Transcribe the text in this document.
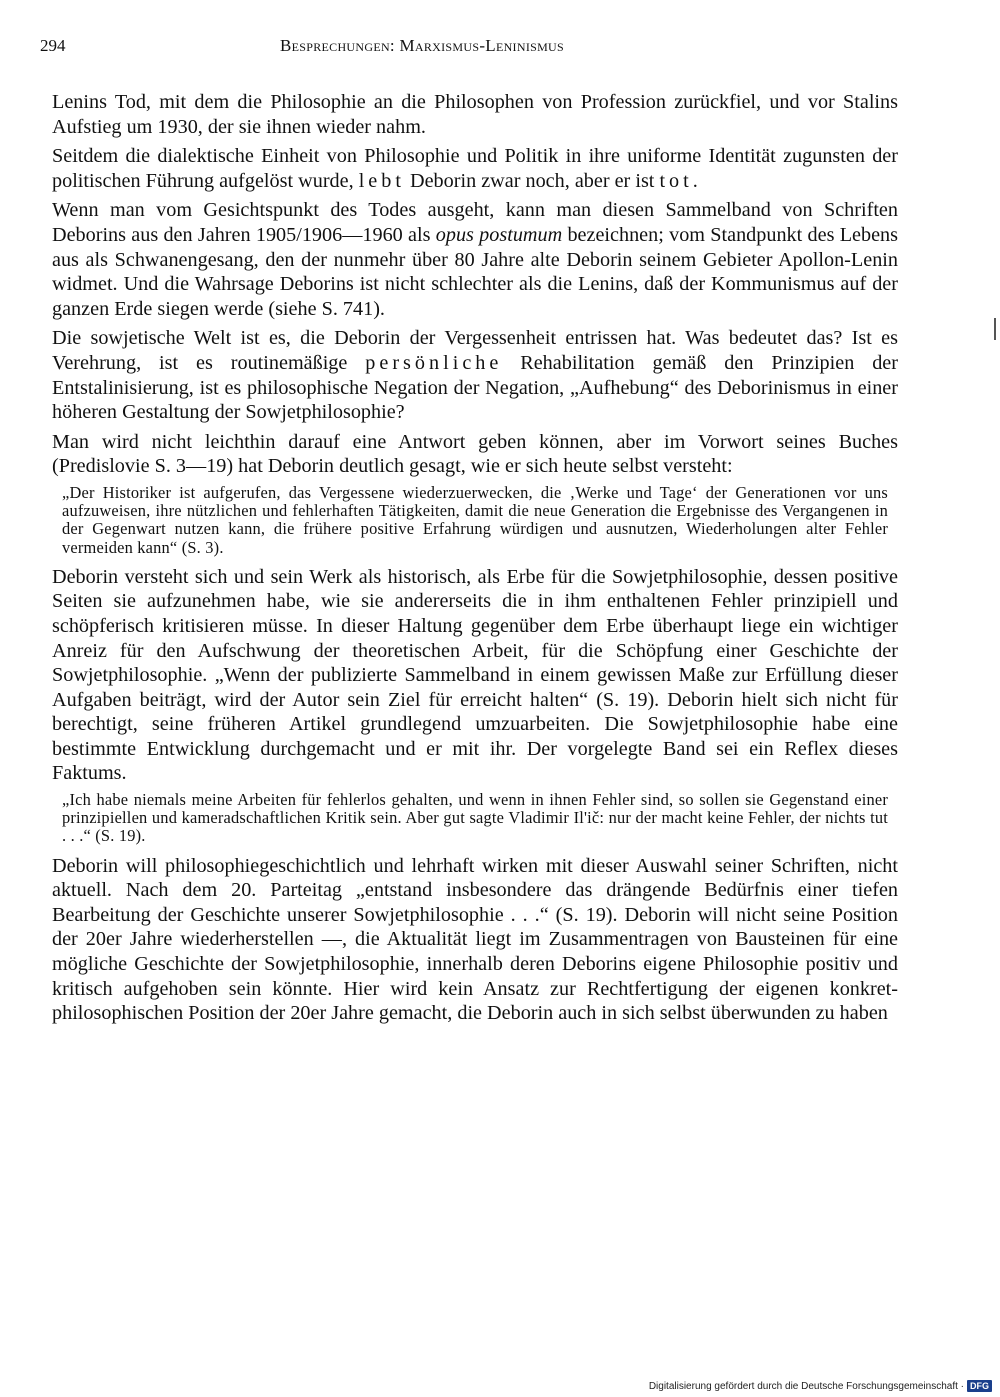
294	Besprechungen: Marxismus-Leninismus

Lenins Tod, mit dem die Philosophie an die Philosophen von Profession zurückfiel, und vor Stalins Aufstieg um 1930, der sie ihnen wieder nahm.

Seitdem die dialektische Einheit von Philosophie und Politik in ihre uniforme Identität zugunsten der politischen Führung aufgelöst wurde, lebt Deborin zwar noch, aber er ist tot.

Wenn man vom Gesichtspunkt des Todes ausgeht, kann man diesen Sammelband von Schriften Deborins aus den Jahren 1905/1906—1960 als opus postumum bezeichnen; vom Standpunkt des Lebens aus als Schwanengesang, den der nunmehr über 80 Jahre alte Deborin seinem Gebieter Apollon-Lenin widmet. Und die Wahrsage Deborins ist nicht schlechter als die Lenins, daß der Kommunismus auf der ganzen Erde siegen werde (siehe S. 741).

Die sowjetische Welt ist es, die Deborin der Vergessenheit entrissen hat. Was bedeutet das? Ist es Verehrung, ist es routinemäßige persönliche Rehabilitation gemäß den Prinzipien der Entstalinisierung, ist es philosophische Negation der Negation, „Aufhebung“ des Deborinismus in einer höheren Gestaltung der Sowjetphilosophie?

Man wird nicht leichthin darauf eine Antwort geben können, aber im Vorwort seines Buches (Predislovie S. 3—19) hat Deborin deutlich gesagt, wie er sich heute selbst versteht:

„Der Historiker ist aufgerufen, das Vergessene wiederzuerwecken, die ‚Werke und Tage‘ der Generationen vor uns aufzuweisen, ihre nützlichen und fehlerhaften Tätigkeiten, damit die neue Generation die Ergebnisse des Vergangenen in der Gegenwart nutzen kann, die frühere positive Erfahrung würdigen und ausnutzen, Wiederholungen alter Fehler vermeiden kann“ (S. 3).

Deborin versteht sich und sein Werk als historisch, als Erbe für die Sowjetphilosophie, dessen positive Seiten sie aufzunehmen habe, wie sie andererseits die in ihm enthaltenen Fehler prinzipiell und schöpferisch kritisieren müsse. In dieser Haltung gegenüber dem Erbe überhaupt liege ein wichtiger Anreiz für den Aufschwung der theoretischen Arbeit, für die Schöpfung einer Geschichte der Sowjetphilosophie. „Wenn der publizierte Sammelband in einem gewissen Maße zur Erfüllung dieser Aufgaben beiträgt, wird der Autor sein Ziel für erreicht halten“ (S. 19). Deborin hielt sich nicht für berechtigt, seine früheren Artikel grundlegend umzuarbeiten. Die Sowjetphilosophie habe eine bestimmte Entwicklung durchgemacht und er mit ihr. Der vorgelegte Band sei ein Reflex dieses Faktums.

„Ich habe niemals meine Arbeiten für fehlerlos gehalten, und wenn in ihnen Fehler sind, so sollen sie Gegenstand einer prinzipiellen und kameradschaftlichen Kritik sein. Aber gut sagte Vladimir Il'ič: nur der macht keine Fehler, der nichts tut . . .“ (S. 19).

Deborin will philosophiegeschichtlich und lehrhaft wirken mit dieser Auswahl seiner Schriften, nicht aktuell. Nach dem 20. Parteitag „entstand insbesondere das drängende Bedürfnis einer tiefen Bearbeitung der Geschichte unserer Sowjetphilosophie . . .“ (S. 19). Deborin will nicht seine Position der 20er Jahre wiederherstellen —, die Aktualität liegt im Zusammentragen von Bausteinen für eine mögliche Geschichte der Sowjetphilosophie, innerhalb deren Deborins eigene Philosophie positiv und kritisch aufgehoben sein könnte. Hier wird kein Ansatz zur Rechtfertigung der eigenen konkret-philosophischen Position der 20er Jahre gemacht, die Deborin auch in sich selbst überwunden zu haben

Digitalisierung gefördert durch die Deutsche Forschungsgemeinschaft · DFG
